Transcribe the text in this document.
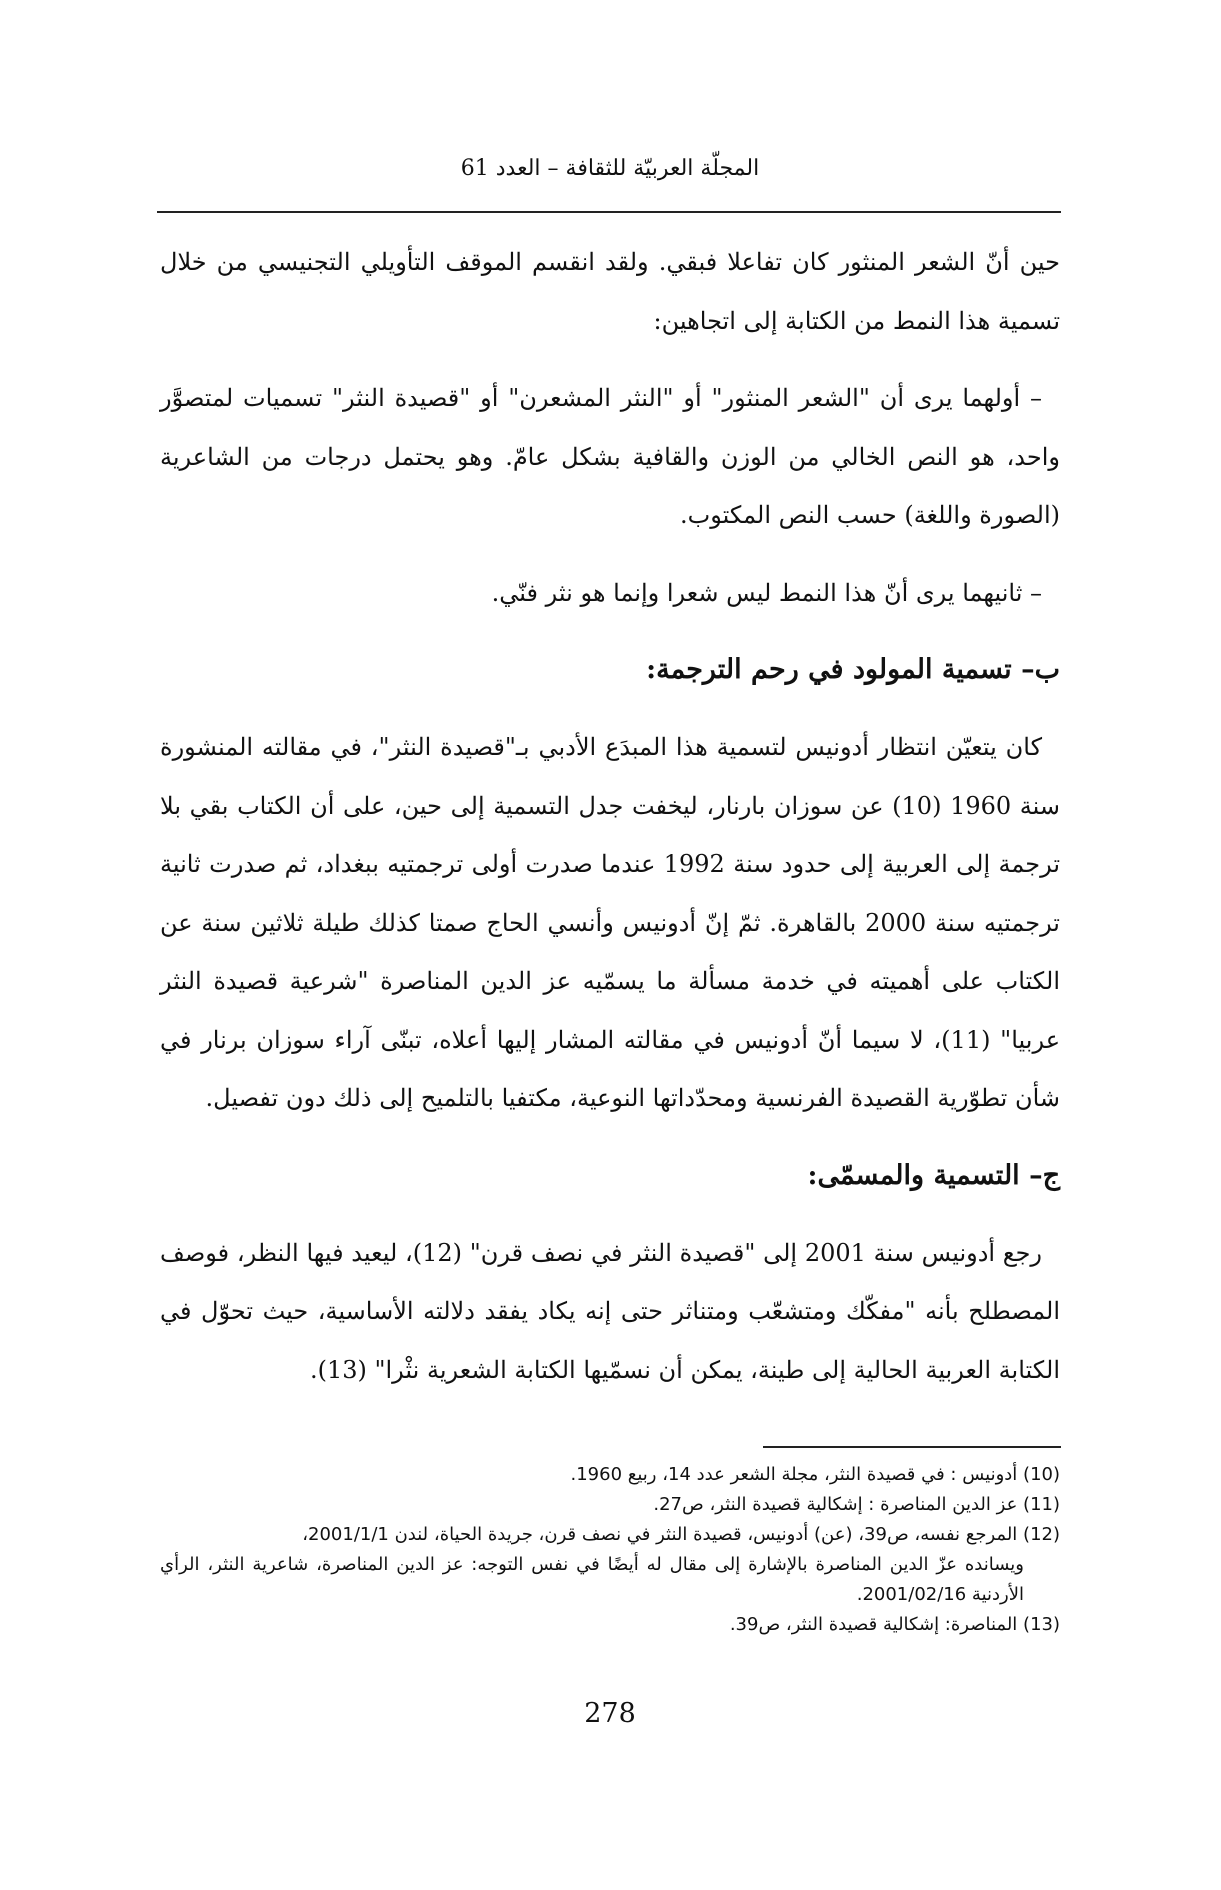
المجلّة العربيّة للثقافة – العدد 61

حين أنّ الشعر المنثور كان تفاعلا فبقي. ولقد انقسم الموقف التأويلي التجنيسي من خلال تسمية هذا النمط من الكتابة إلى اتجاهين:

– أولهما يرى أن "الشعر المنثور" أو "النثر المشعرن" أو "قصيدة النثر" تسميات لمتصوَّر واحد، هو النص الخالي من الوزن والقافية بشكل عامّ. وهو يحتمل درجات من الشاعرية (الصورة واللغة) حسب النص المكتوب.

– ثانيهما يرى أنّ هذا النمط ليس شعرا وإنما هو نثر فنّي.

ب– تسمية المولود في رحم الترجمة:

كان يتعيّن انتظار أدونيس لتسمية هذا المبدَع الأدبي بـ"قصيدة النثر"، في مقالته المنشورة سنة 1960 (10) عن سوزان بارنار، ليخفت جدل التسمية إلى حين، على أن الكتاب بقي بلا ترجمة إلى العربية إلى حدود سنة 1992 عندما صدرت أولى ترجمتيه ببغداد، ثم صدرت ثانية ترجمتيه سنة 2000 بالقاهرة. ثمّ إنّ أدونيس وأنسي الحاج صمتا كذلك طيلة ثلاثين سنة عن الكتاب على أهميته في خدمة مسألة ما يسمّيه عز الدين المناصرة "شرعية قصيدة النثر عربيا" (11)، لا سيما أنّ أدونيس في مقالته المشار إليها أعلاه، تبنّى آراء سوزان برنار في شأن تطوّرية القصيدة الفرنسية ومحدّداتها النوعية، مكتفيا بالتلميح إلى ذلك دون تفصيل.

ج– التسمية والمسمّى:

رجع أدونيس سنة 2001 إلى "قصيدة النثر في نصف قرن" (12)، ليعيد فيها النظر، فوصف المصطلح بأنه "مفكّك ومتشعّب ومتناثر حتى إنه يكاد يفقد دلالته الأساسية، حيث تحوّل في الكتابة العربية الحالية إلى طينة، يمكن أن نسمّيها الكتابة الشعرية نثْرا" (13).

(10) أدونيس : في قصيدة النثر، مجلة الشعر عدد 14، ربيع 1960.

(11) عز الدين المناصرة : إشكالية قصيدة النثر، ص27.

(12) المرجع نفسه، ص39، (عن) أدونيس، قصيدة النثر في نصف قرن، جريدة الحياة، لندن 2001/1/1،
ويسانده عزّ الدين المناصرة بالإشارة إلى مقال له أيضًا في نفس التوجه: عز الدين المناصرة، شاعرية النثر، الرأي الأردنية 2001/02/16.

(13) المناصرة: إشكالية قصيدة النثر، ص39.

278
